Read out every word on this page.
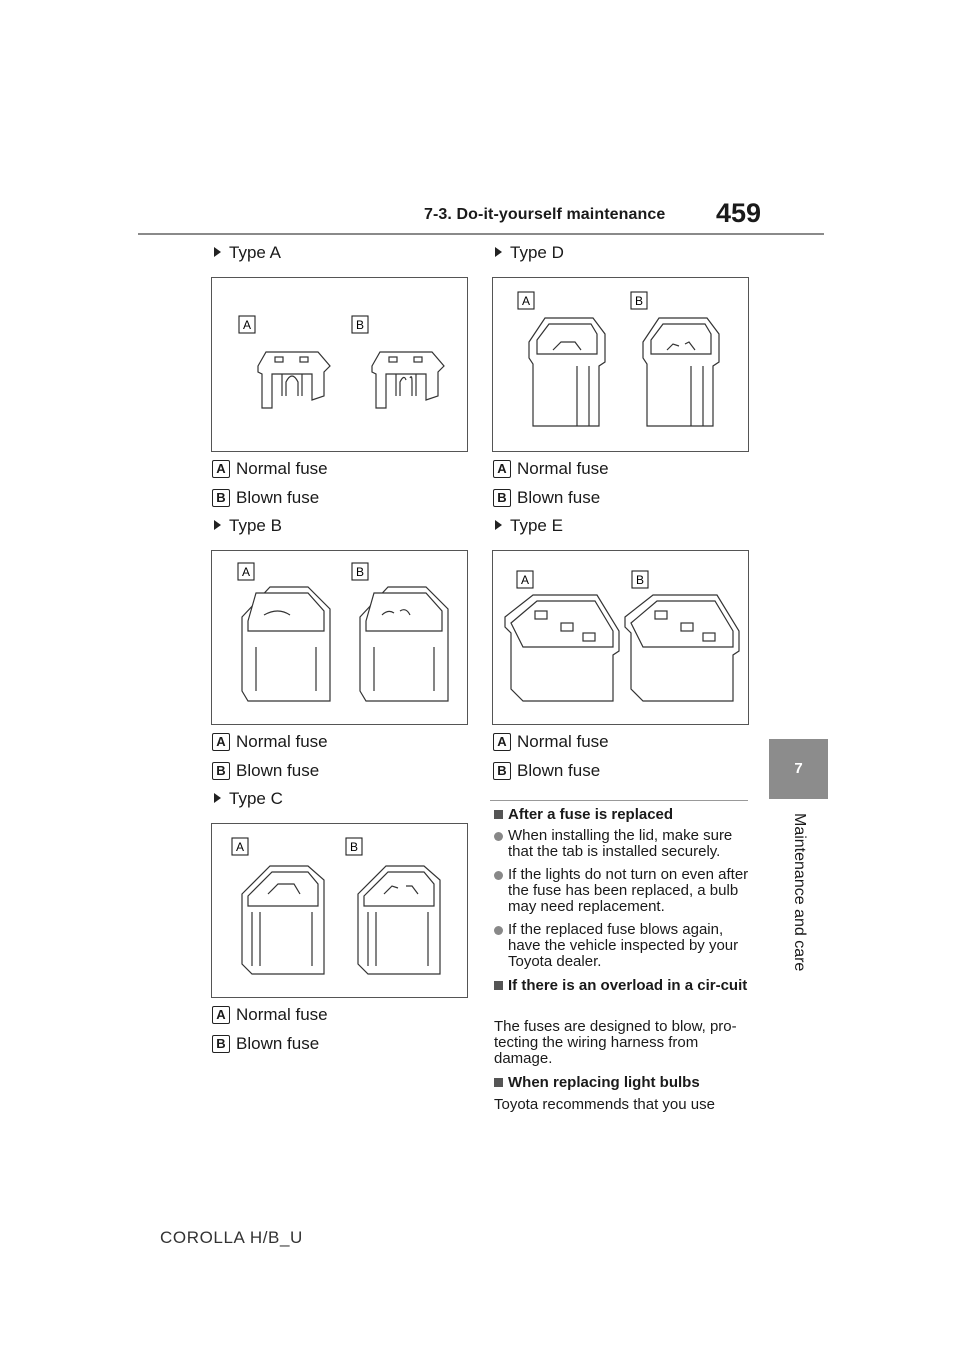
7-3. Do-it-yourself maintenance 459
7
Maintenance and care
Type A
A	B
A Normal fuse
B Blown fuse
Type B
A	B
A Normal fuse
B Blown fuse
Type C
A	B
A Normal fuse
B Blown fuse
Type D
A	B
A Normal fuse
B Blown fuse
Type E
A	B
A Normal fuse
B Blown fuse
After a fuse is replaced
When installing the lid, make sure that the tab is installed securely.
If the lights do not turn on even after the fuse has been replaced, a bulb may need replacement.
If the replaced fuse blows again, have the vehicle inspected by your Toyota dealer.
If there is an overload in a cir-cuit
The fuses are designed to blow, pro-tecting the wiring harness from damage.
When replacing light bulbs
Toyota recommends that you use
COROLLA H/B_U
